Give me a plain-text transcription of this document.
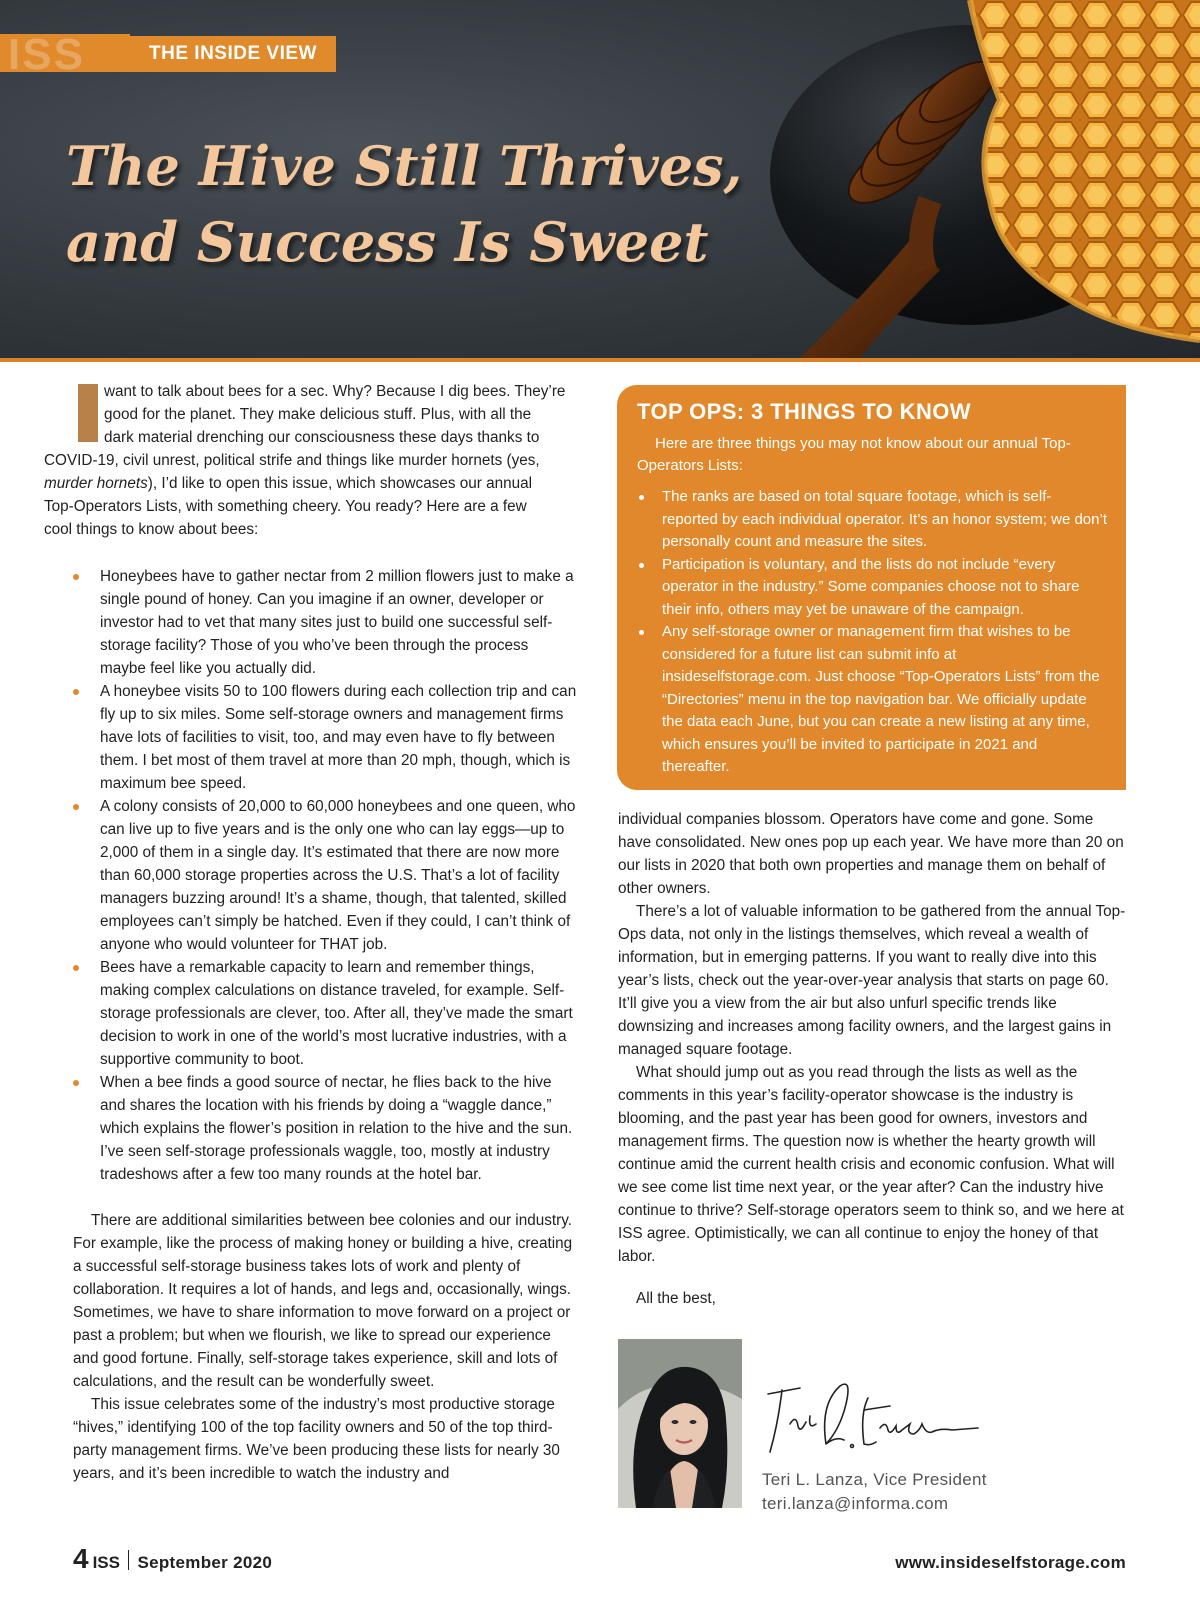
ISS	THE INSIDE VIEW
The Hive Still Thrives,
and Success Is Sweet

want to talk about bees for a sec. Why? Because I dig bees. They’re
good for the planet. They make delicious stuff. Plus, with all the
dark material drenching our consciousness these days thanks to
COVID-19, civil unrest, political strife and things like murder hornets (yes,
murder hornets), I’d like to open this issue, which showcases our annual
Top-Operators Lists, with something cheery. You ready? Here are a few
cool things to know about bees:

Honeybees have to gather nectar from 2 million flowers just to make a single pound of honey. Can you imagine if an owner, developer or investor had to vet that many sites just to build one successful self-storage facility? Those of you who’ve been through the process maybe feel like you actually did.
A honeybee visits 50 to 100 flowers during each collection trip and can fly up to six miles. Some self-storage owners and management firms have lots of facilities to visit, too, and may even have to fly between them. I bet most of them travel at more than 20 mph, though, which is maximum bee speed.
A colony consists of 20,000 to 60,000 honeybees and one queen, who can live up to five years and is the only one who can lay eggs—up to 2,000 of them in a single day. It’s estimated that there are now more than 60,000 storage properties across the U.S. That’s a lot of facility managers buzzing around! It’s a shame, though, that talented, skilled employees can’t simply be hatched. Even if they could, I can’t think of anyone who would volunteer for THAT job.
Bees have a remarkable capacity to learn and remember things, making complex calculations on distance traveled, for example. Self-storage professionals are clever, too. After all, they’ve made the smart decision to work in one of the world’s most lucrative industries, with a supportive community to boot.
When a bee finds a good source of nectar, he flies back to the hive and shares the location with his friends by doing a “waggle dance,” which explains the flower’s position in relation to the hive and the sun. I’ve seen self-storage professionals waggle, too, mostly at industry tradeshows after a few too many rounds at the hotel bar.

There are additional similarities between bee colonies and our industry. For example, like the process of making honey or building a hive, creating a successful self-storage business takes lots of work and plenty of collaboration. It requires a lot of hands, and legs and, occasionally, wings. Sometimes, we have to share information to move forward on a project or past a problem; but when we flourish, we like to spread our experience and good fortune. Finally, self-storage takes experience, skill and lots of calculations, and the result can be wonderfully sweet.

This issue celebrates some of the industry’s most productive storage “hives,” identifying 100 of the top facility owners and 50 of the top third-party management firms. We’ve been producing these lists for nearly 30 years, and it’s been incredible to watch the industry and

TOP OPS: 3 THINGS TO KNOW

Here are three things you may not know about our annual Top-Operators Lists:

The ranks are based on total square footage, which is self-reported by each individual operator. It’s an honor system; we don’t personally count and measure the sites.
Participation is voluntary, and the lists do not include “every operator in the industry.” Some companies choose not to share their info, others may yet be unaware of the campaign.
Any self-storage owner or management firm that wishes to be considered for a future list can submit info at insideselfstorage.com. Just choose “Top-Operators Lists” from the “Directories” menu in the top navigation bar. We officially update the data each June, but you can create a new listing at any time, which ensures you’ll be invited to participate in 2021 and thereafter.

individual companies blossom. Operators have come and gone. Some have consolidated. New ones pop up each year. We have more than 20 on our lists in 2020 that both own properties and manage them on behalf of other owners.

There’s a lot of valuable information to be gathered from the annual Top-Ops data, not only in the listings themselves, which reveal a wealth of information, but in emerging patterns. If you want to really dive into this year’s lists, check out the year-over-year analysis that starts on page 60. It’ll give you a view from the air but also unfurl specific trends like downsizing and increases among facility owners, and the largest gains in managed square footage.

What should jump out as you read through the lists as well as the comments in this year’s facility-operator showcase is the industry is blooming, and the past year has been good for owners, investors and management firms. The question now is whether the hearty growth will continue amid the current health crisis and economic confusion. What will we see come list time next year, or the year after? Can the industry hive continue to thrive? Self-storage operators seem to think so, and we here at ISS agree. Optimistically, we can all continue to enjoy the honey of that labor.

All the best,
Teri L. Lanza, Vice President
teri.lanza@informa.com
4 ISS September 2020	www.insideselfstorage.com
